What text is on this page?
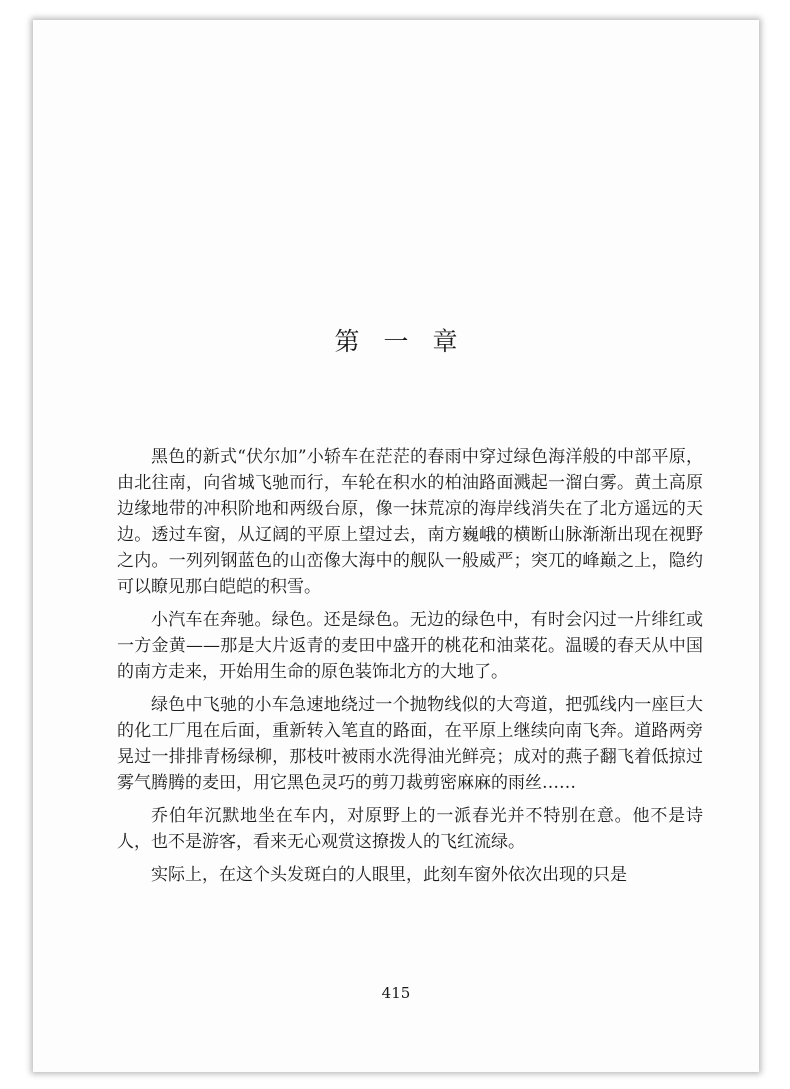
第一章

黑色的新式“伏尔加”小轿车在茫茫的春雨中穿过绿色海洋般的中部平原，由北往南，向省城飞驰而行，车轮在积水的柏油路面溅起一溜白雾。黄土高原边缘地带的冲积阶地和两级台原，像一抹荒凉的海岸线消失在了北方遥远的天边。透过车窗，从辽阔的平原上望过去，南方巍峨的横断山脉渐渐出现在视野之内。一列列钢蓝色的山峦像大海中的舰队一般威严；突兀的峰巅之上，隐约可以瞭见那白皑皑的积雪。

小汽车在奔驰。绿色。还是绿色。无边的绿色中，有时会闪过一片绯红或一方金黄——那是大片返青的麦田中盛开的桃花和油菜花。温暖的春天从中国的南方走来，开始用生命的原色装饰北方的大地了。

绿色中飞驰的小车急速地绕过一个抛物线似的大弯道，把弧线内一座巨大的化工厂甩在后面，重新转入笔直的路面，在平原上继续向南飞奔。道路两旁晃过一排排青杨绿柳，那枝叶被雨水洗得油光鲜亮；成对的燕子翻飞着低掠过雾气腾腾的麦田，用它黑色灵巧的剪刀裁剪密麻麻的雨丝……

乔伯年沉默地坐在车内，对原野上的一派春光并不特别在意。他不是诗人，也不是游客，看来无心观赏这撩拨人的飞红流绿。

实际上，在这个头发斑白的人眼里，此刻车窗外依次出现的只是

415
